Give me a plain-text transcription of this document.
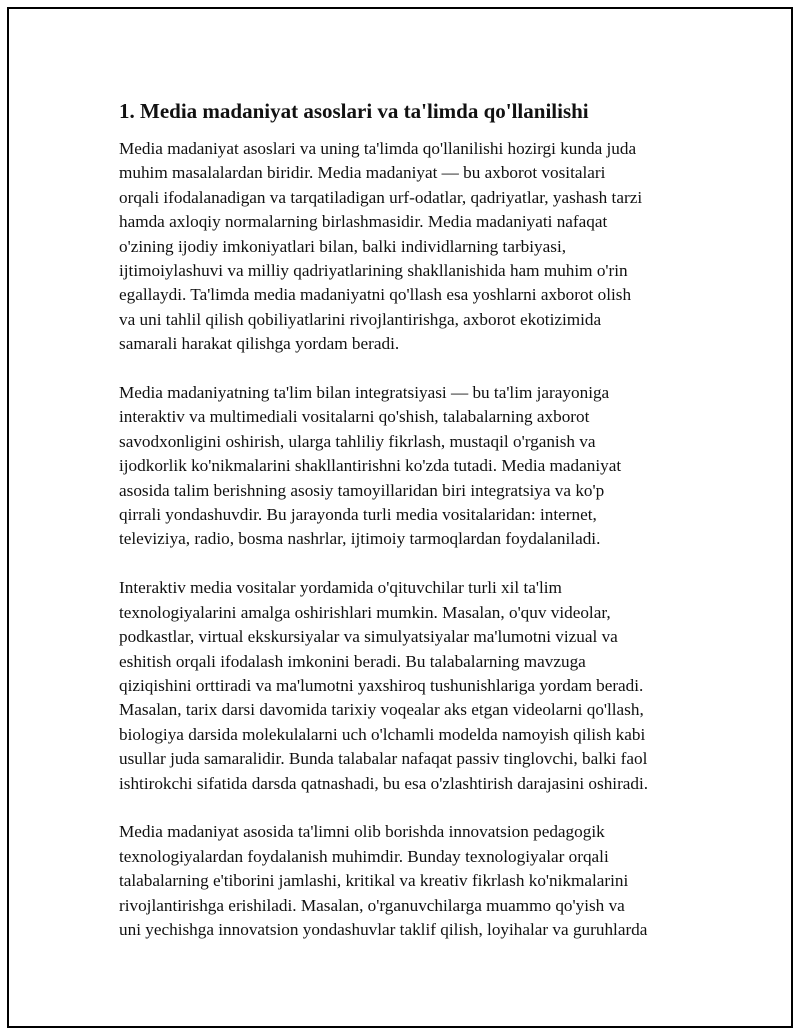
1. Media madaniyat asoslari va ta'limda qo'llanilishi
Media madaniyat asoslari va uning ta'limda qo'llanilishi hozirgi kunda juda
muhim masalalardan biridir. Media madaniyat — bu axborot vositalari
orqali ifodalanadigan va tarqatiladigan urf-odatlar, qadriyatlar, yashash tarzi
hamda axloqiy normalarning birlashmasidir. Media madaniyati nafaqat
o'zining ijodiy imkoniyatlari bilan, balki individlarning tarbiyasi,
ijtimoiylashuvi va milliy qadriyatlarining shakllanishida ham muhim o'rin
egallaydi. Ta'limda media madaniyatni qo'llash esa yoshlarni axborot olish
va uni tahlil qilish qobiliyatlarini rivojlantirishga, axborot ekotizimida
samarali harakat qilishga yordam beradi.
Media madaniyatning ta'lim bilan integratsiyasi — bu ta'lim jarayoniga
interaktiv va multimediali vositalarni qo'shish, talabalarning axborot
savodxonligini oshirish, ularga tahliliy fikrlash, mustaqil o'rganish va
ijodkorlik ko'nikmalarini shakllantirishni ko'zda tutadi. Media madaniyat
asosida talim berishning asosiy tamoyillaridan biri integratsiya va ko'p
qirrali yondashuvdir. Bu jarayonda turli media vositalaridan: internet,
televiziya, radio, bosma nashrlar, ijtimoiy tarmoqlardan foydalaniladi.
Interaktiv media vositalar yordamida o'qituvchilar turli xil ta'lim
texnologiyalarini amalga oshirishlari mumkin. Masalan, o'quv videolar,
podkastlar, virtual ekskursiyalar va simulyatsiyalar ma'lumotni vizual va
eshitish orqali ifodalash imkonini beradi. Bu talabalarning mavzuga
qiziqishini orttiradi va ma'lumotni yaxshiroq tushunishlariga yordam beradi.
Masalan, tarix darsi davomida tarixiy voqealar aks etgan videolarni qo'llash,
biologiya darsida molekulalarni uch o'lchamli modelda namoyish qilish kabi
usullar juda samaralidir. Bunda talabalar nafaqat passiv tinglovchi, balki faol
ishtirokchi sifatida darsda qatnashadi, bu esa o'zlashtirish darajasini oshiradi.
Media madaniyat asosida ta'limni olib borishda innovatsion pedagogik
texnologiyalardan foydalanish muhimdir. Bunday texnologiyalar orqali
talabalarning e'tiborini jamlashi, kritikal va kreativ fikrlash ko'nikmalarini
rivojlantirishga erishiladi. Masalan, o'rganuvchilarga muammo qo'yish va
uni yechishga innovatsion yondashuvlar taklif qilish, loyihalar va guruhlarda
